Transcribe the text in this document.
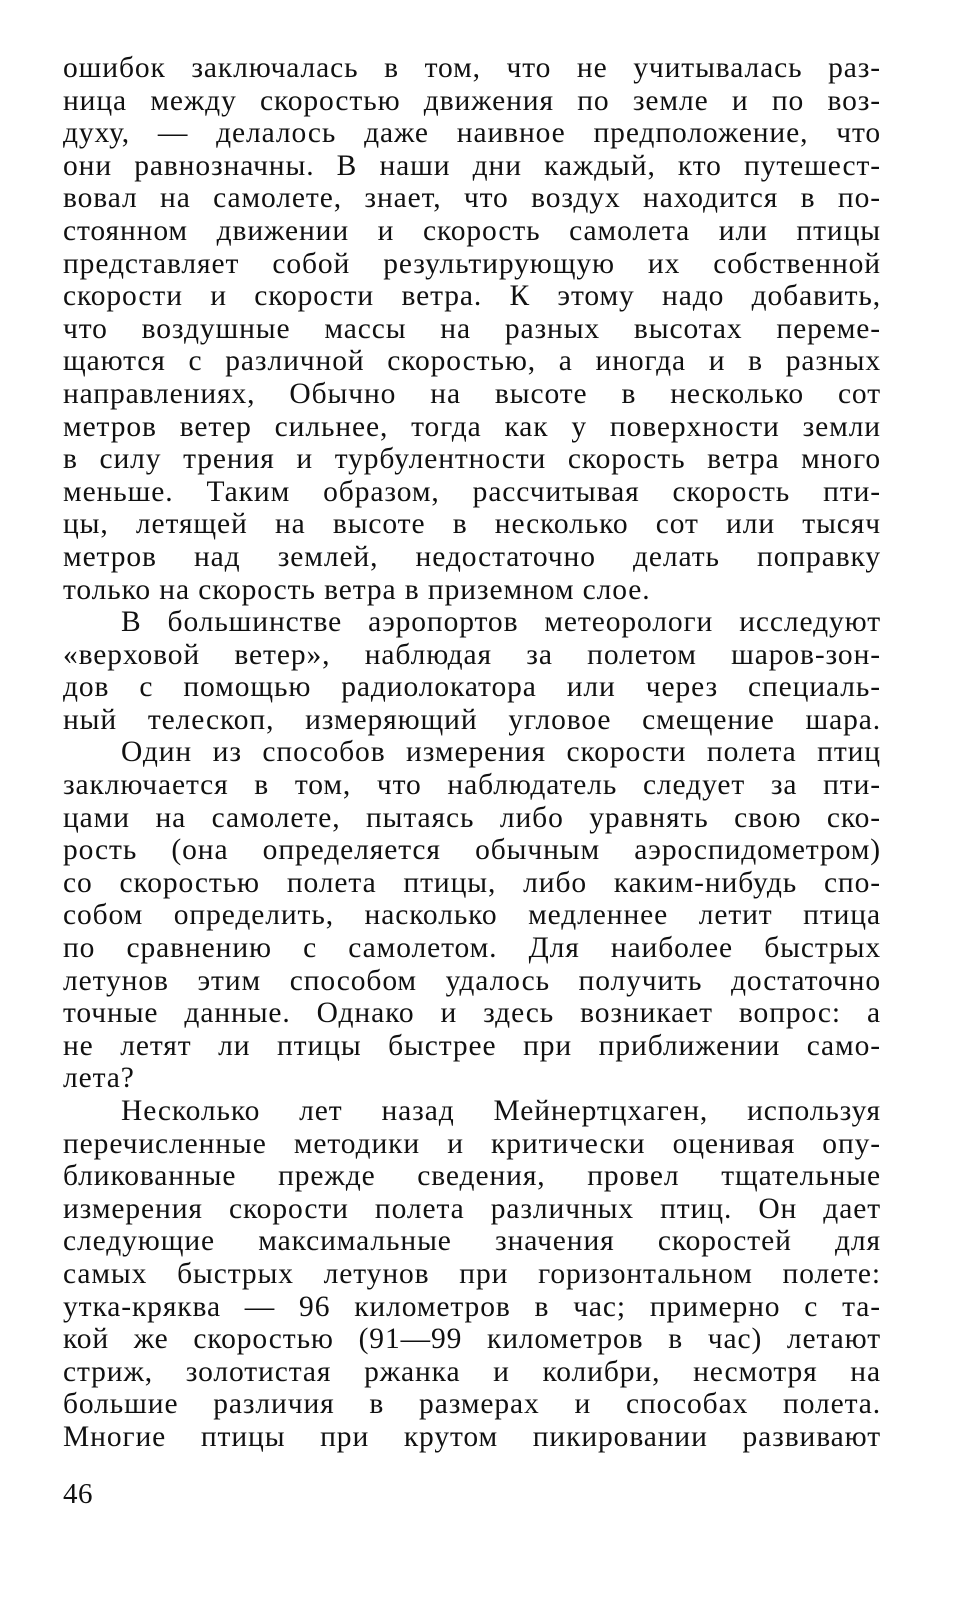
ошибок заключалась в том, что не учитывалась раз-
ница между скоростью движения по земле и по воз-
духу, — делалось даже наивное предположение, что
они равнозначны. В наши дни каждый, кто путешест-
вовал на самолете, знает, что воздух находится в по-
стоянном движении и скорость самолета или птицы
представляет собой результирующую их собственной
скорости и скорости ветра. К этому надо добавить,
что воздушные массы на разных высотах переме-
щаются с различной скоростью, а иногда и в разных
направлениях, Обычно на высоте в несколько сот
метров ветер сильнее, тогда как у поверхности земли
в силу трения и турбулентности скорость ветра много
меньше. Таким образом, рассчитывая скорость пти-
цы, летящей на высоте в несколько сот или тысяч
метров над землей, недостаточно делать поправку
только на скорость ветра в приземном слое.

В большинстве аэропортов метеорологи исследуют
«верховой ветер», наблюдая за полетом шаров-зон-
дов с помощью радиолокатора или через специаль-
ный телескоп, измеряющий угловое смещение шара.

Один из способов измерения скорости полета птиц
заключается в том, что наблюдатель следует за пти-
цами на самолете, пытаясь либо уравнять свою ско-
рость (она определяется обычным аэроспидометром)
со скоростью полета птицы, либо каким-нибудь спо-
собом определить, насколько медленнее летит птица
по сравнению с самолетом. Для наиболее быстрых
летунов этим способом удалось получить достаточно
точные данные. Однако и здесь возникает вопрос: а
не летят ли птицы быстрее при приближении само-
лета?

Несколько лет назад Мейнертцхаген, используя
перечисленные методики и критически оценивая опу-
бликованные прежде сведения, провел тщательные
измерения скорости полета различных птиц. Он дает
следующие максимальные значения скоростей для
самых быстрых летунов при горизонтальном полете:
утка-кряква — 96 километров в час; примерно с та-
кой же скоростью (91—99 километров в час) летают
стриж, золотистая ржанка и колибри, несмотря на
большие различия в размерах и способах полета.
Многие птицы при крутом пикировании развивают

46
